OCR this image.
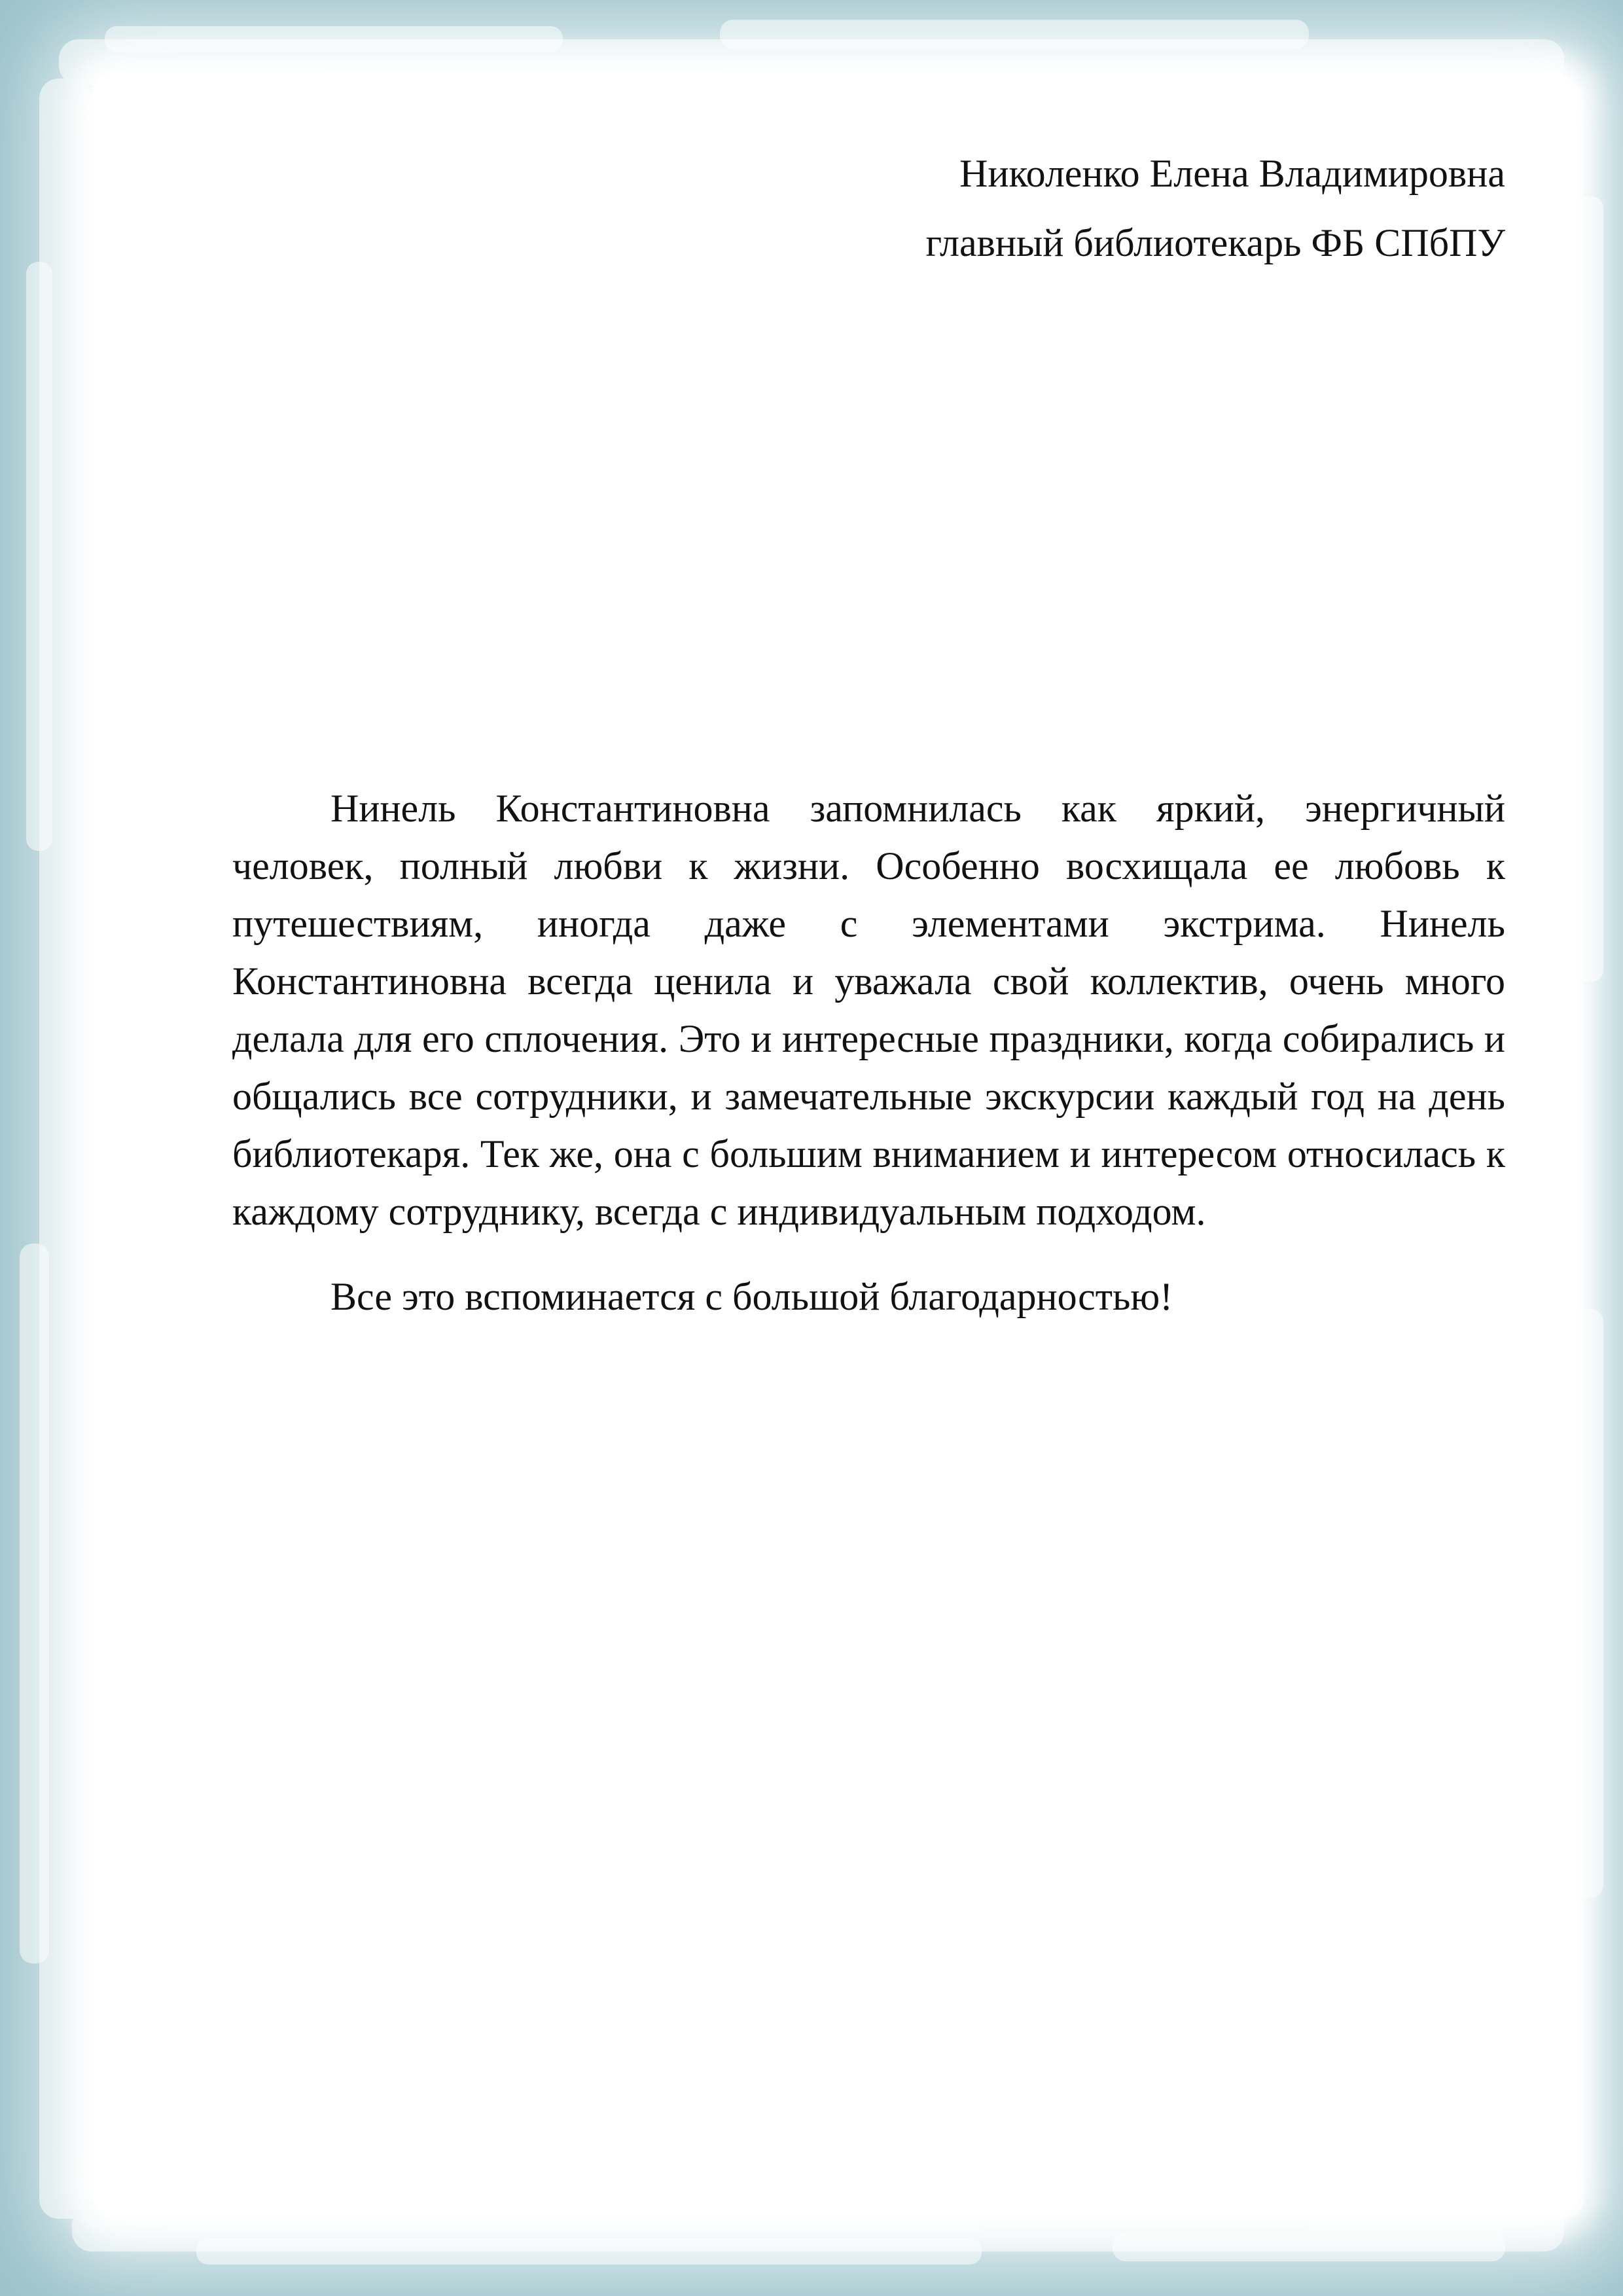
Николенко Елена Владимировна

главный библиотекарь ФБ СПбПУ

Нинель Константиновна запомнилась как яркий, энергичный человек, полный любви к жизни. Особенно восхищала ее любовь к путешествиям, иногда даже с элементами экстрима. Нинель Константиновна всегда ценила и уважала свой коллектив, очень много делала для его сплочения. Это и интересные праздники, когда собирались и общались все сотрудники, и замечательные экскурсии каждый год на день библиотекаря. Тек же, она с большим вниманием и интересом относилась к каждому сотруднику, всегда с индивидуальным подходом.

Все это вспоминается с большой благодарностью!
